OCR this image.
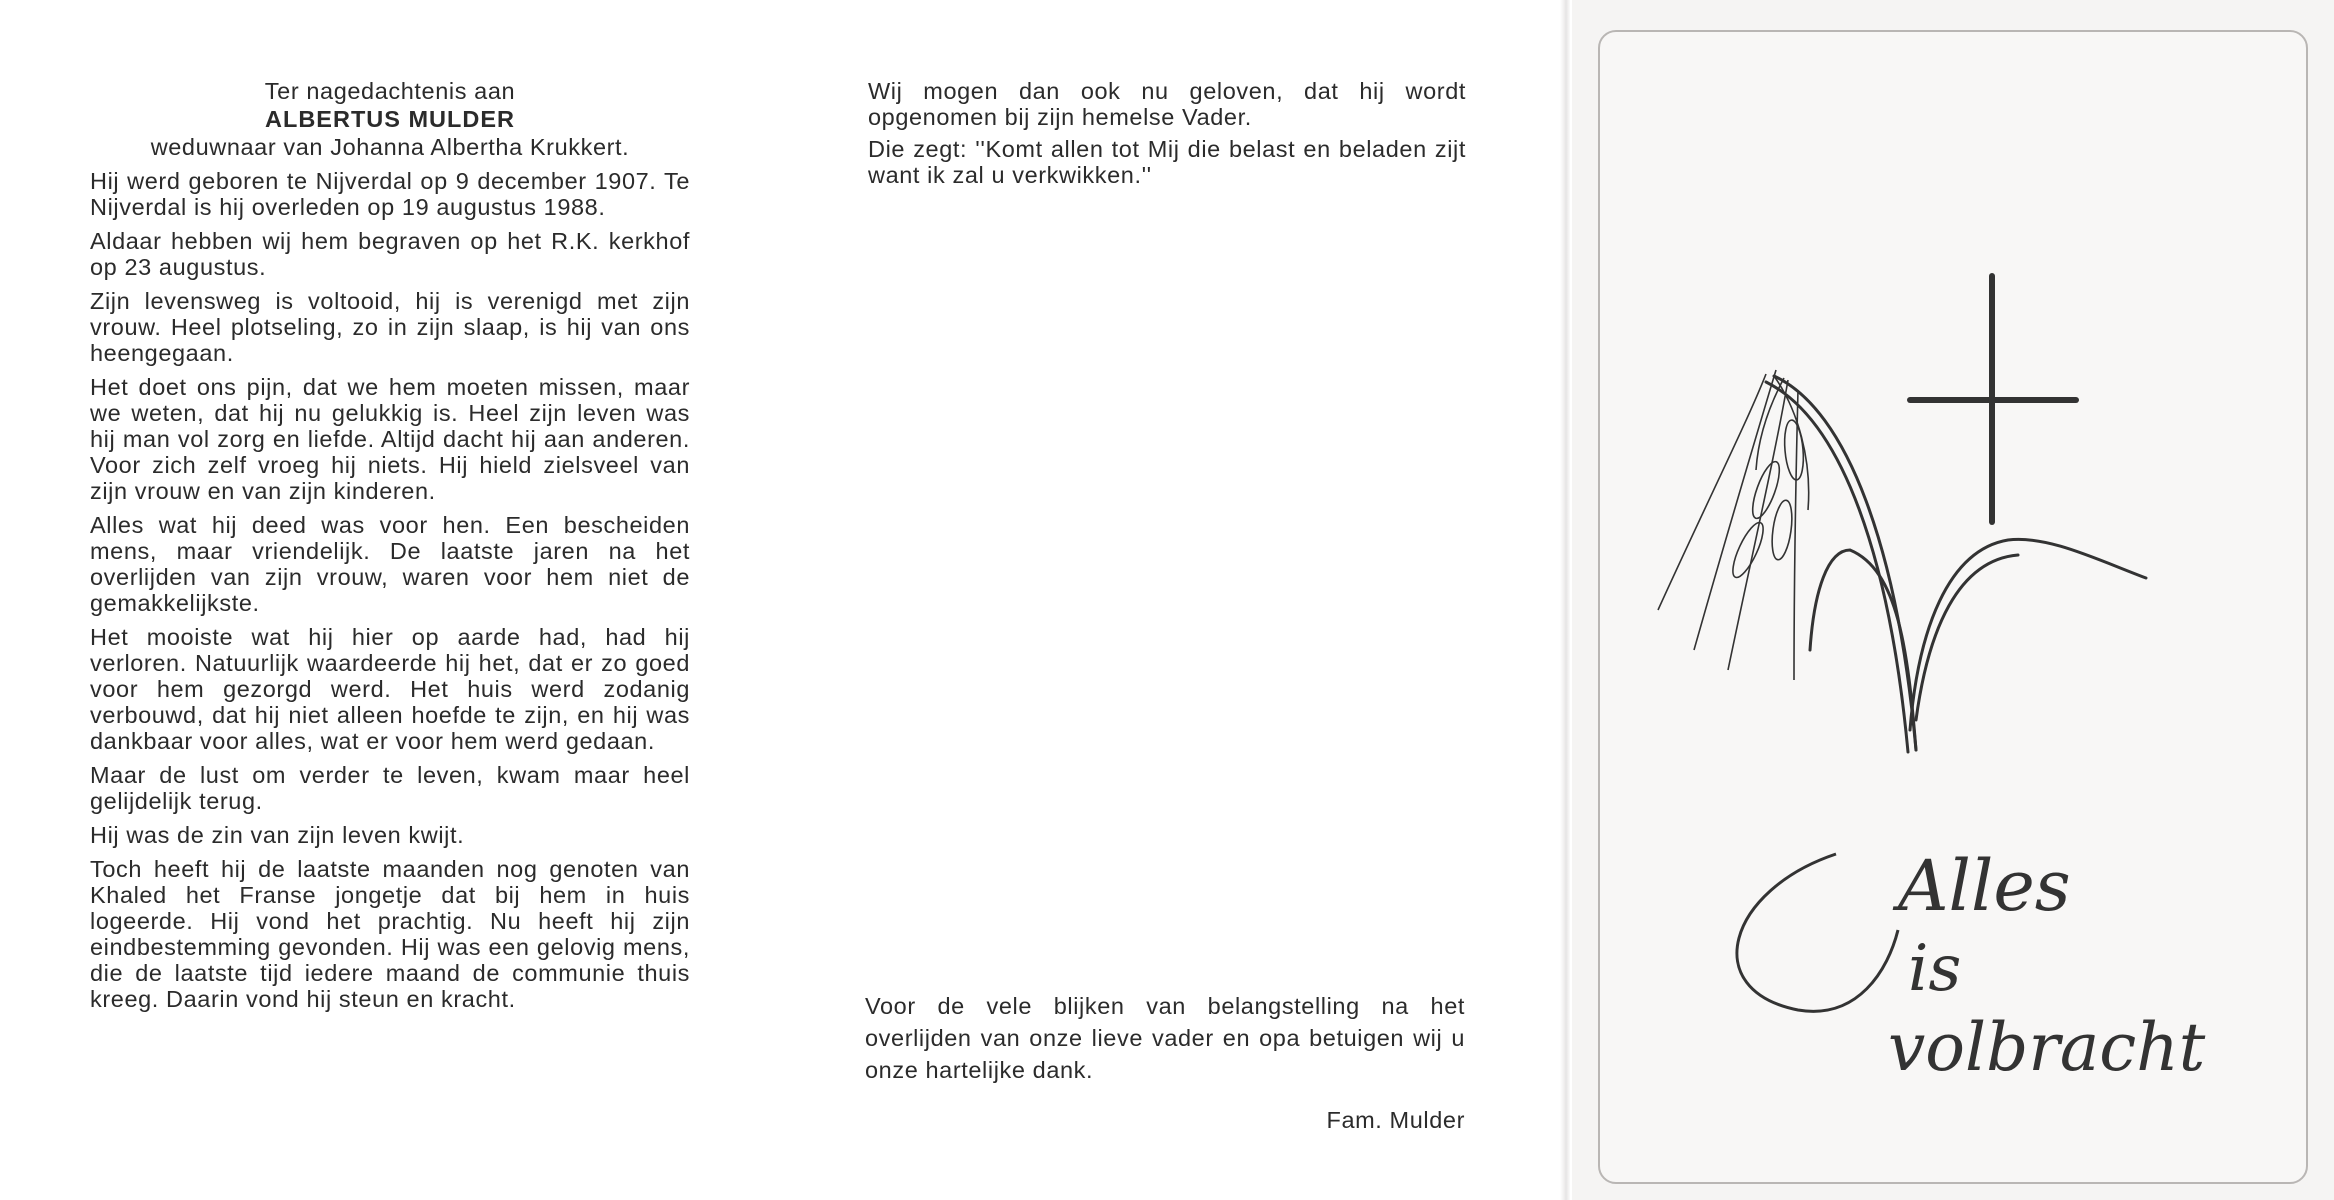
Ter nagedachtenis aan

ALBERTUS MULDER

weduwnaar van Johanna Albertha Krukkert.

Hij werd geboren te Nijverdal op 9 december 1907. Te Nijverdal is hij overleden op 19 augustus 1988.

Aldaar hebben wij hem begraven op het R.K. kerkhof op 23 augustus.

Zijn levensweg is voltooid, hij is verenigd met zijn vrouw. Heel plotseling, zo in zijn slaap, is hij van ons heengegaan.

Het doet ons pijn, dat we hem moeten missen, maar we weten, dat hij nu gelukkig is. Heel zijn leven was hij man vol zorg en liefde. Altijd dacht hij aan anderen. Voor zich zelf vroeg hij niets. Hij hield zielsveel van zijn vrouw en van zijn kinderen.

Alles wat hij deed was voor hen. Een bescheiden mens, maar vriendelijk. De laatste jaren na het overlijden van zijn vrouw, waren voor hem niet de gemakkelijkste.

Het mooiste wat hij hier op aarde had, had hij verloren. Natuurlijk waardeerde hij het, dat er zo goed voor hem gezorgd werd. Het huis werd zodanig verbouwd, dat hij niet alleen hoefde te zijn, en hij was dankbaar voor alles, wat er voor hem werd gedaan.

Maar de lust om verder te leven, kwam maar heel gelijdelijk terug.

Hij was de zin van zijn leven kwijt.

Toch heeft hij de laatste maanden nog genoten van Khaled het Franse jongetje dat bij hem in huis logeerde. Hij vond het prachtig. Nu heeft hij zijn eindbestemming gevonden. Hij was een gelovig mens, die de laatste tijd iedere maand de communie thuis kreeg. Daarin vond hij steun en kracht.

Wij mogen dan ook nu geloven, dat hij wordt opgenomen bij zijn hemelse Vader.

Die zegt: ''Komt allen tot Mij die belast en beladen zijt want ik zal u verkwikken.''

Voor de vele blijken van belangstelling na het overlijden van onze lieve vader en opa betuigen wij u onze hartelijke dank.

Fam. Mulder

Alles
is
volbracht
